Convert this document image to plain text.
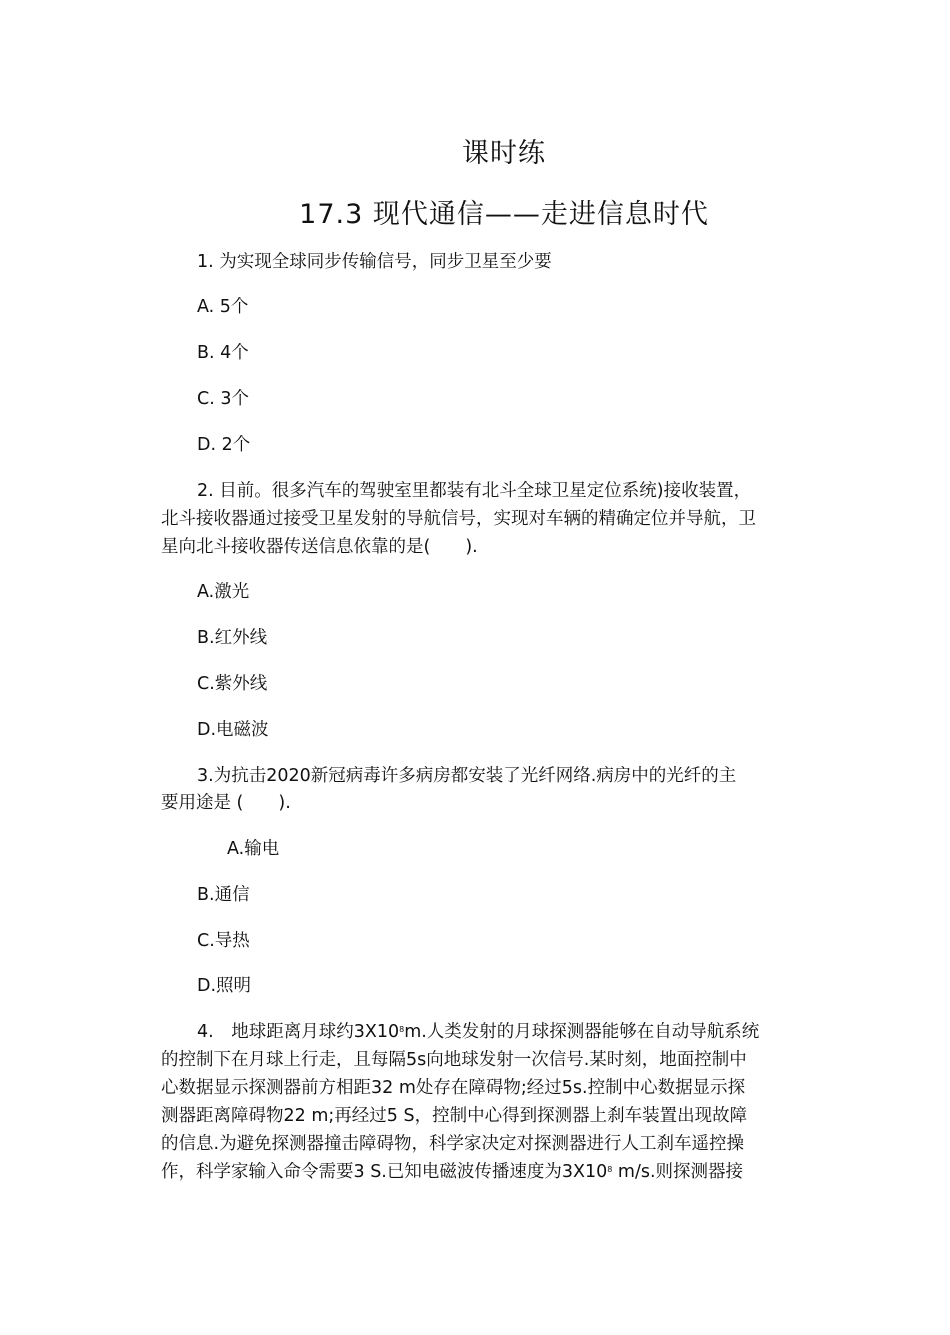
课时练
17.3 现代通信——走进信息时代
1. 为实现全球同步传输信号，同步卫星至少要
A. 5个
B. 4个
C. 3个
D. 2个
2. 目前。很多汽车的驾驶室里都装有北斗全球卫星定位系统)接收装置，
北斗接收器通过接受卫星发射的导航信号，实现对车辆的精确定位并导航，卫
星向北斗接收器传送信息依靠的是(　　).
A.激光
B.红外线
C.紫外线
D.电磁波
3.为抗击2020新冠病毒许多病房都安装了光纤网络.病房中的光纤的主
要用途是 (　　).
A.输电
B.通信
C.导热
D.照明
4.　地球距离月球约$3X10^8m$.人类发射的月球探测器能够在自动导航系统
的控制下在月球上行走，且每隔5s向地球发射一次信号.某时刻，地面控制中
心数据显示探测器前方相距32 m处存在障碍物;经过5s.控制中心数据显示探
测器距离障碍物22 m;再经过5 S，控制中心得到探测器上刹车装置出现故障
的信息.为避免探测器撞击障碍物，科学家决定对探测器进行人工刹车遥控操
作，科学家输入命令需要3 S.已知电磁波传播速度为$3X10^8$ m/s.则探测器接
